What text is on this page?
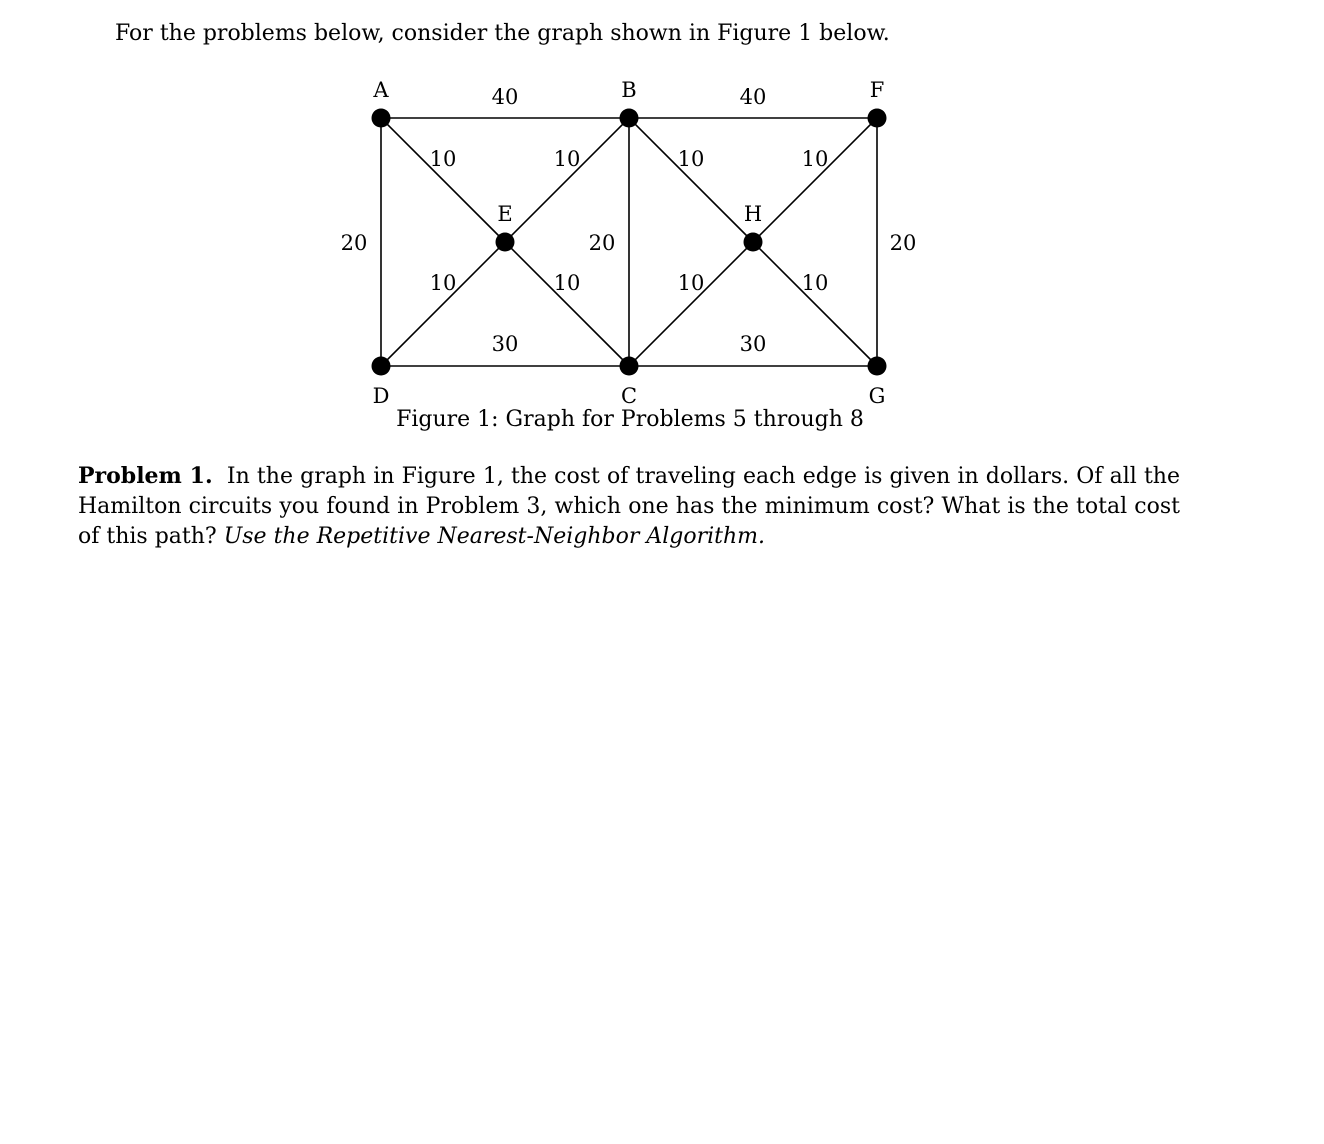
For the problems below, consider the graph shown in Figure 1 below.
A	B	F
E	H
D	C	G
40	40
10	10	10	10
20	20	20
10	10	10	10
30	30
Figure 1: Graph for Problems 5 through 8

Problem 1. In the graph in Figure 1, the cost of traveling each edge is given in dollars. Of all the Hamilton circuits you found in Problem 3, which one has the minimum cost? What is the total cost of this path? Use the Repetitive Nearest-Neighbor Algorithm.
